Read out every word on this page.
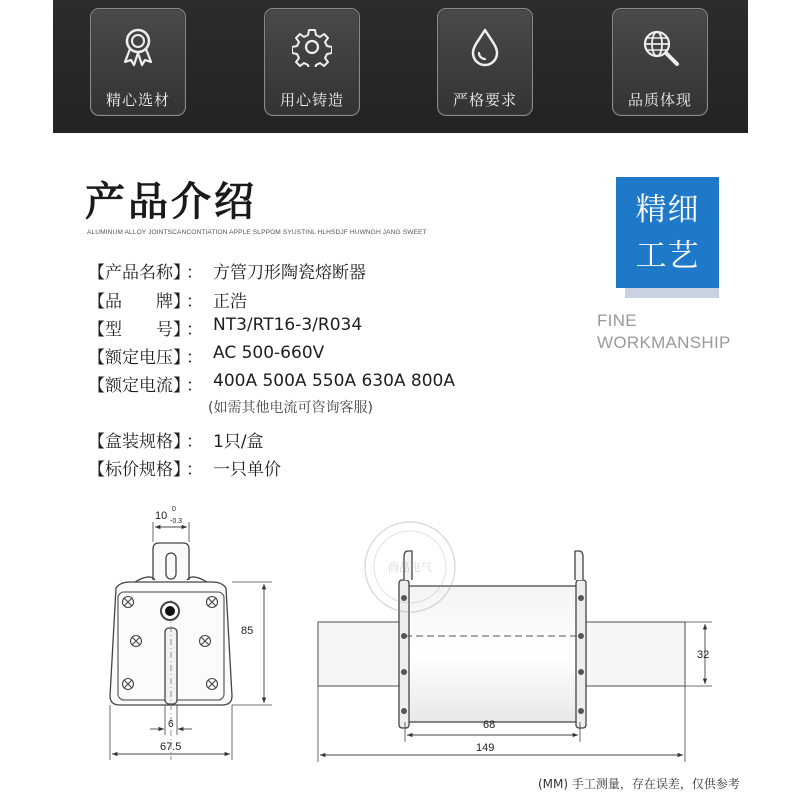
精心选材	用心铸造	严格要求	品质体现
产品介绍
ALUMINUM ALLOY JOINTSCANCONTIATION APPLE SLPPOM SYUSTINL HLHSDJF HUWNGH JANG SWEET
精细
工艺
FINE
WORKMANSHIP
【产品名称】
： 方管刀形陶瓷熔断器
【品　　牌】
： 正浩
【型　　号】
： NT3/RT16-3/R034
【额定电压】
： AC 500-660V
【额定电流】
： 400A 500A 550A 630A 800A
(如需其他电流可咨询客服)
【盒装规格】
： 1只/盒
【标价规格】
： 一只单价
尚品电气
10
0
-0.3
85
6
67.5
68
149
32
(MM) 手工测量，存在误差，仅供参考
